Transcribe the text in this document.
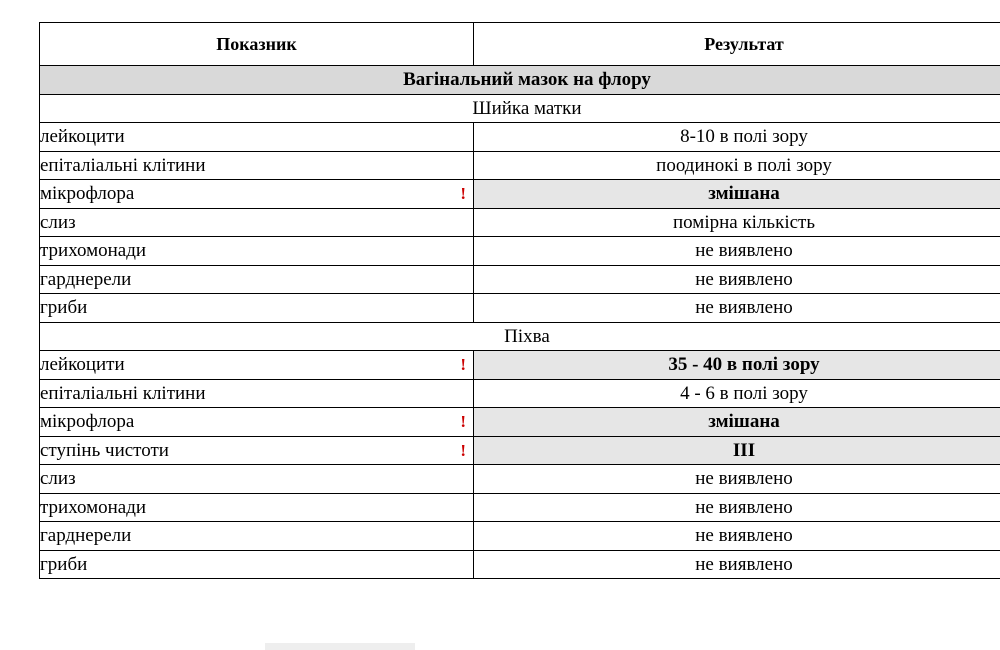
Показник	Результат
Вагінальний мазок на флору	
Шийка матки	
лейкоцити	8-10 в полі зору
епіталіальні клітини	поодинокі в полі зору
мікрофлора !	змішана
слиз	помірна кількість
трихомонади	не виявлено
гарднерели	не виявлено
гриби	не виявлено
Піхва	
лейкоцити !	35 - 40 в полі зору
епіталіальні клітини	4 - 6 в полі зору
мікрофлора !	змішана
ступінь чистоти !	III
слиз	не виявлено
трихомонади	не виявлено
гарднерели	не виявлено
гриби	не виявлено
